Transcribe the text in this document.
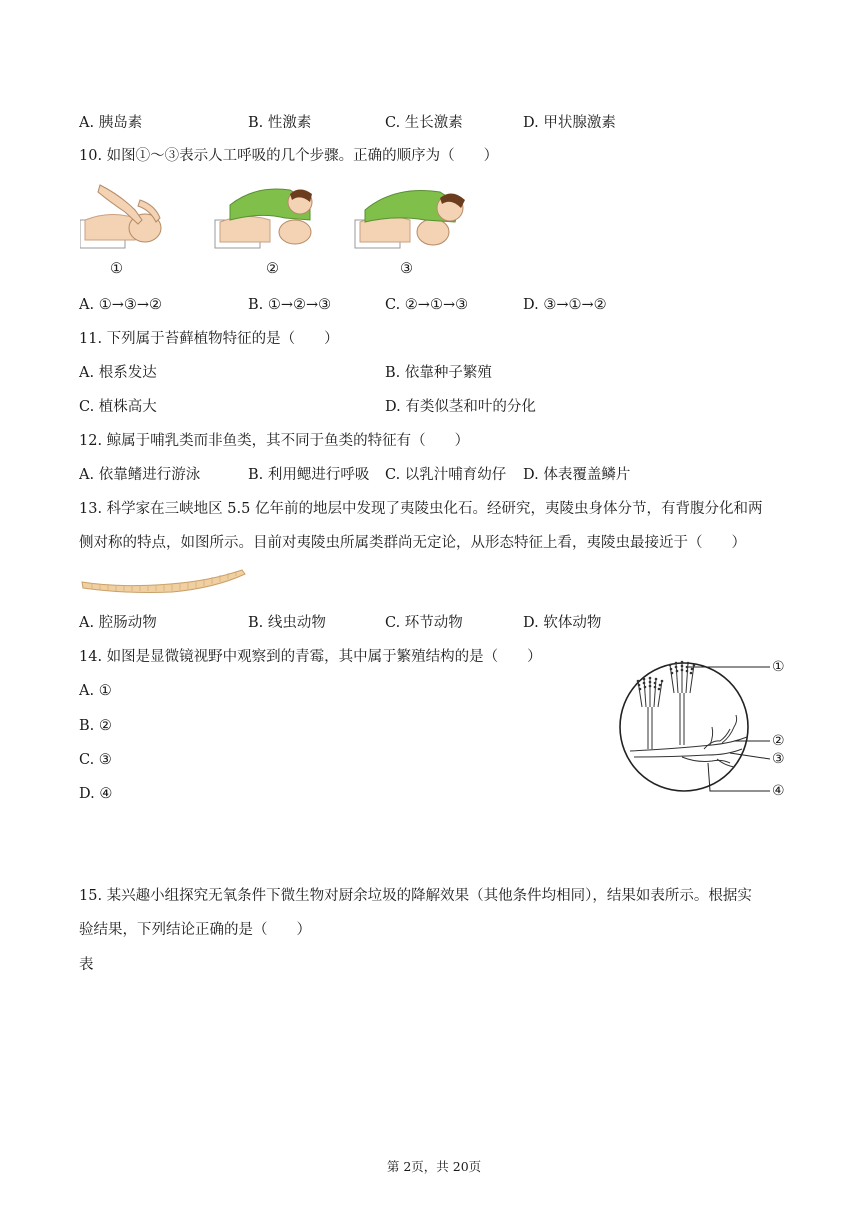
A. 胰岛素	B. 性激素	C. 生长激素	D. 甲状腺激素
10. 如图①～③表示人工呼吸的几个步骤。正确的顺序为（　　）
①	②	③
A. ①→③→②	B. ①→②→③	C. ②→①→③	D. ③→①→②
11. 下列属于苔藓植物特征的是（　　）
A. 根系发达	B. 依靠种子繁殖
C. 植株高大	D. 有类似茎和叶的分化
12. 鲸属于哺乳类而非鱼类，其不同于鱼类的特征有（　　）
A. 依靠鳍进行游泳	B. 利用鳃进行呼吸 C. 以乳汁哺育幼仔 D. 体表覆盖鳞片
13. 科学家在三峡地区 5.5 亿年前的地层中发现了夷陵虫化石。经研究，夷陵虫身体分节，有背腹分化和两
侧对称的特点，如图所示。目前对夷陵虫所属类群尚无定论，从形态特征上看，夷陵虫最接近于（　　）
A. 腔肠动物	B. 线虫动物	C. 环节动物	D. 软体动物
14. 如图是显微镜视野中观察到的青霉，其中属于繁殖结构的是（　　）
A. ①
B. ②
C. ③
D. ④
①
②
③
④
15. 某兴趣小组探究无氧条件下微生物对厨余垃圾的降解效果（其他条件均相同），结果如表所示。根据实
验结果，下列结论正确的是（　　）
表
第 2页，共 20页
